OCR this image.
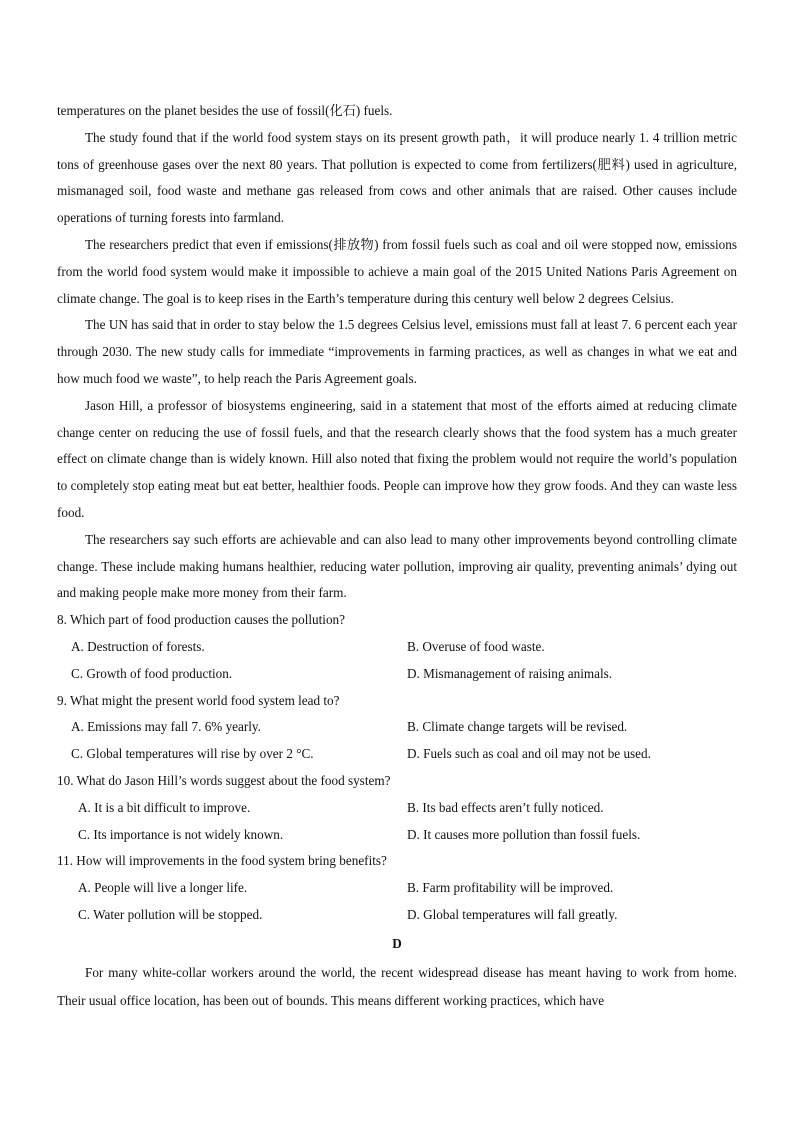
temperatures on the planet besides the use of fossil(化石) fuels.

The study found that if the world food system stays on its present growth path，it will produce nearly 1. 4 trillion metric tons of greenhouse gases over the next 80 years. That pollution is expected to come from fertilizers(肥料) used in agriculture, mismanaged soil, food waste and methane gas released from cows and other animals that are raised. Other causes include operations of turning forests into farmland.

The researchers predict that even if emissions(排放物) from fossil fuels such as coal and oil were stopped now, emissions from the world food system would make it impossible to achieve a main goal of the 2015 United Nations Paris Agreement on climate change. The goal is to keep rises in the Earth’s temperature during this century well below 2 degrees Celsius.

The UN has said that in order to stay below the 1.5 degrees Celsius level, emissions must fall at least 7. 6 percent each year through 2030. The new study calls for immediate “improvements in farming practices, as well as changes in what we eat and how much food we waste”, to help reach the Paris Agreement goals.

Jason Hill, a professor of biosystems engineering, said in a statement that most of the efforts aimed at reducing climate change center on reducing the use of fossil fuels, and that the research clearly shows that the food system has a much greater effect on climate change than is widely known. Hill also noted that fixing the problem would not require the world’s population to completely stop eating meat but eat better, healthier foods. People can improve how they grow foods. And they can waste less food.

The researchers say such efforts are achievable and can also lead to many other improvements beyond controlling climate change. These include making humans healthier, reducing water pollution, improving air quality, preventing animals’ dying out and making people make more money from their farm.

8. Which part of food production causes the pollution?

A. Destruction of forests.	B. Overuse of food waste.
C. Growth of food production.	D. Mismanagement of raising animals.

9. What might the present world food system lead to?

A. Emissions may fall 7. 6% yearly.	B. Climate change targets will be revised.
C. Global temperatures will rise by over 2 °C.	D. Fuels such as coal and oil may not be used.

10. What do Jason Hill’s words suggest about the food system?

A. It is a bit difficult to improve.	B. Its bad effects aren’t fully noticed.
C. Its importance is not widely known.	D. It causes more pollution than fossil fuels.

11. How will improvements in the food system bring benefits?

A. People will live a longer life.	B. Farm profitability will be improved.
C. Water pollution will be stopped.	D. Global temperatures will fall greatly.

D

For many white-collar workers around the world, the recent widespread disease has meant having to work from home. Their usual office location, has been out of bounds. This means different working practices, which have
